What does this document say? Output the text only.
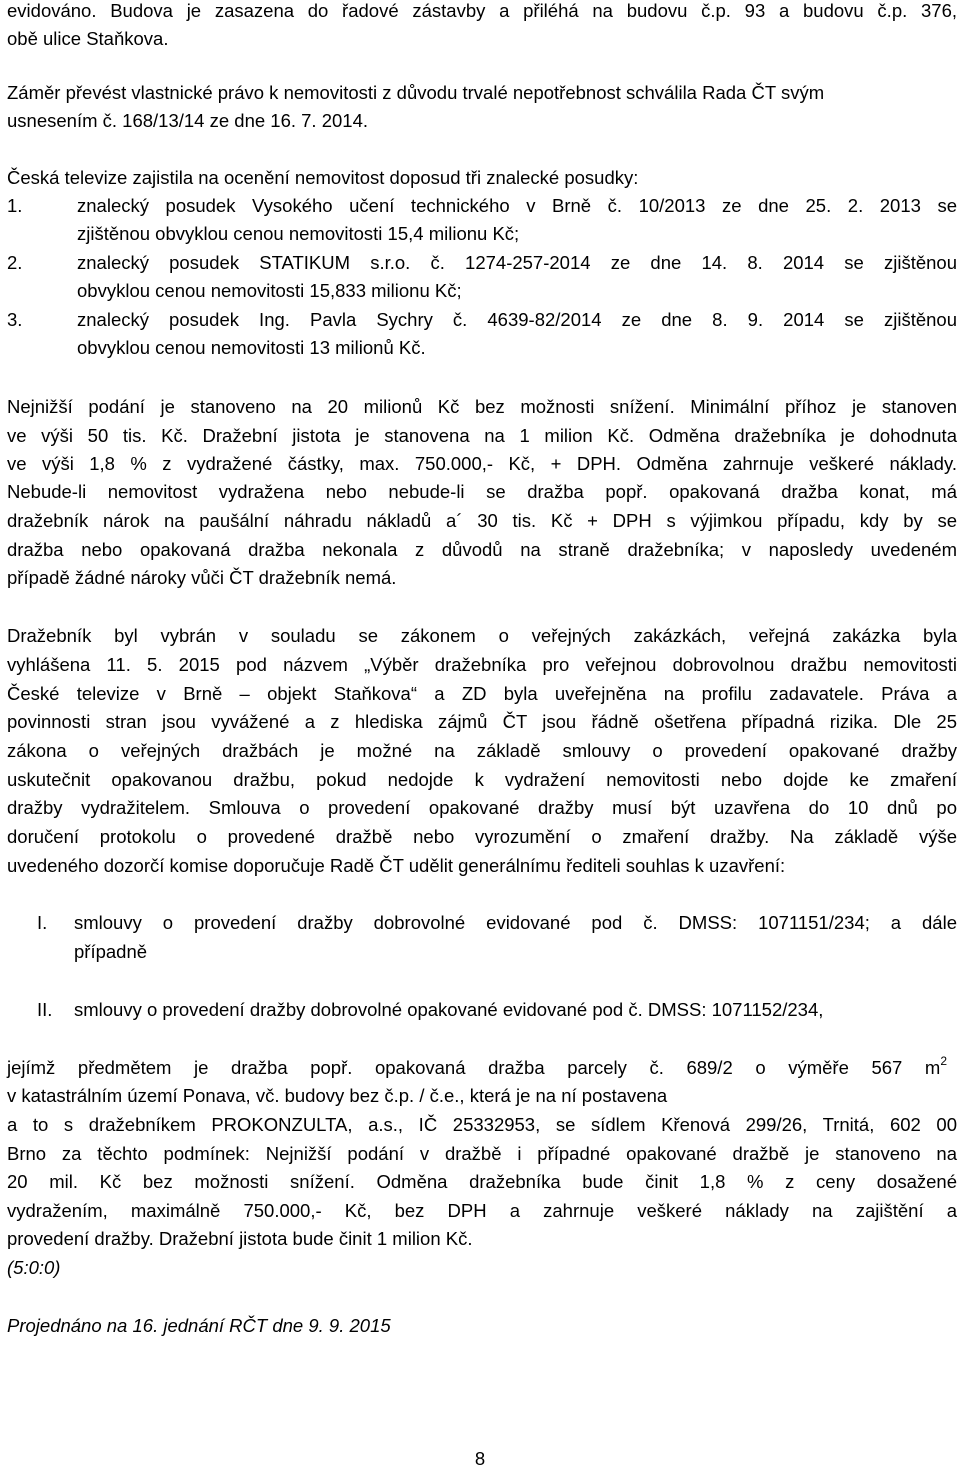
evidováno. Budova je zasazena do řadové zástavby a přiléhá na budovu č.p. 93 a budovu č.p. 376,
obě ulice Staňkova.
Záměr převést vlastnické právo k nemovitosti z důvodu trvalé nepotřebnost schválila Rada ČT svým
usnesením č. 168/13/14 ze dne 16. 7. 2014.
Česká televize zajistila na ocenění nemovitost doposud tři znalecké posudky:
1.	znalecký posudek Vysokého učení technického v Brně č. 10/2013 ze dne 25. 2. 2013 se
zjištěnou obvyklou cenou nemovitosti 15,4 milionu Kč;
2.	znalecký posudek STATIKUM s.r.o. č. 1274-257-2014 ze dne 14. 8. 2014 se zjištěnou
obvyklou cenou nemovitosti 15,833 milionu Kč;
3.	znalecký posudek Ing. Pavla Sychry č. 4639-82/2014 ze dne 8. 9. 2014 se zjištěnou
obvyklou cenou nemovitosti 13 milionů Kč.
Nejnižší podání je stanoveno na 20 milionů Kč bez možnosti snížení. Minimální příhoz je stanoven
ve výši 50 tis. Kč. Dražební jistota je stanovena na 1 milion Kč. Odměna dražebníka je dohodnuta
ve výši 1,8 % z vydražené částky, max. 750.000,- Kč, + DPH. Odměna zahrnuje veškeré náklady.
Nebude-li nemovitost vydražena nebo nebude-li se dražba popř. opakovaná dražba konat, má
dražebník nárok na paušální náhradu nákladů a´ 30 tis. Kč + DPH s výjimkou případu, kdy by se
dražba nebo opakovaná dražba nekonala z důvodů na straně dražebníka; v naposledy uvedeném
případě žádné nároky vůči ČT dražebník nemá.
Dražebník byl vybrán v souladu se zákonem o veřejných zakázkách, veřejná zakázka byla
vyhlášena 11. 5. 2015 pod názvem „Výběr dražebníka pro veřejnou dobrovolnou dražbu nemovitosti
České televize v Brně – objekt Staňkova“ a ZD byla uveřejněna na profilu zadavatele. Práva a
povinnosti stran jsou vyvážené a z hlediska zájmů ČT jsou řádně ošetřena případná rizika. Dle 25
zákona o veřejných dražbách je možné na základě smlouvy o provedení opakované dražby
uskutečnit opakovanou dražbu, pokud nedojde k vydražení nemovitosti nebo dojde ke zmaření
dražby vydražitelem. Smlouva o provedení opakované dražby musí být uzavřena do 10 dnů po
doručení protokolu o provedené dražbě nebo vyrozumění o zmaření dražby. Na základě výše
uvedeného dozorčí komise doporučuje Radě ČT udělit generálnímu řediteli souhlas k uzavření:
I. smlouvy o provedení dražby dobrovolné evidované pod č. DMSS: 1071151/234; a dále
případně
II. smlouvy o provedení dražby dobrovolné opakované evidované pod č. DMSS: 1071152/234,
jejímž předmětem je dražba popř. opakovaná dražba parcely č. 689/2 o výměře 567 $m^2$
v katastrálním území Ponava, vč. budovy bez č.p. / č.e., která je na ní postavena
a to s dražebníkem PROKONZULTA, a.s., IČ 25332953, se sídlem Křenová 299/26, Trnitá, 602 00
Brno za těchto podmínek: Nejnižší podání v dražbě i případné opakované dražbě je stanoveno na
20 mil. Kč bez možnosti snížení. Odměna dražebníka bude činit 1,8 % z ceny dosažené
vydražením, maximálně 750.000,- Kč, bez DPH a zahrnuje veškeré náklady na zajištění a
provedení dražby. Dražební jistota bude činit 1 milion Kč.
(5:0:0)
Projednáno na 16. jednání RČT dne 9. 9. 2015
8
